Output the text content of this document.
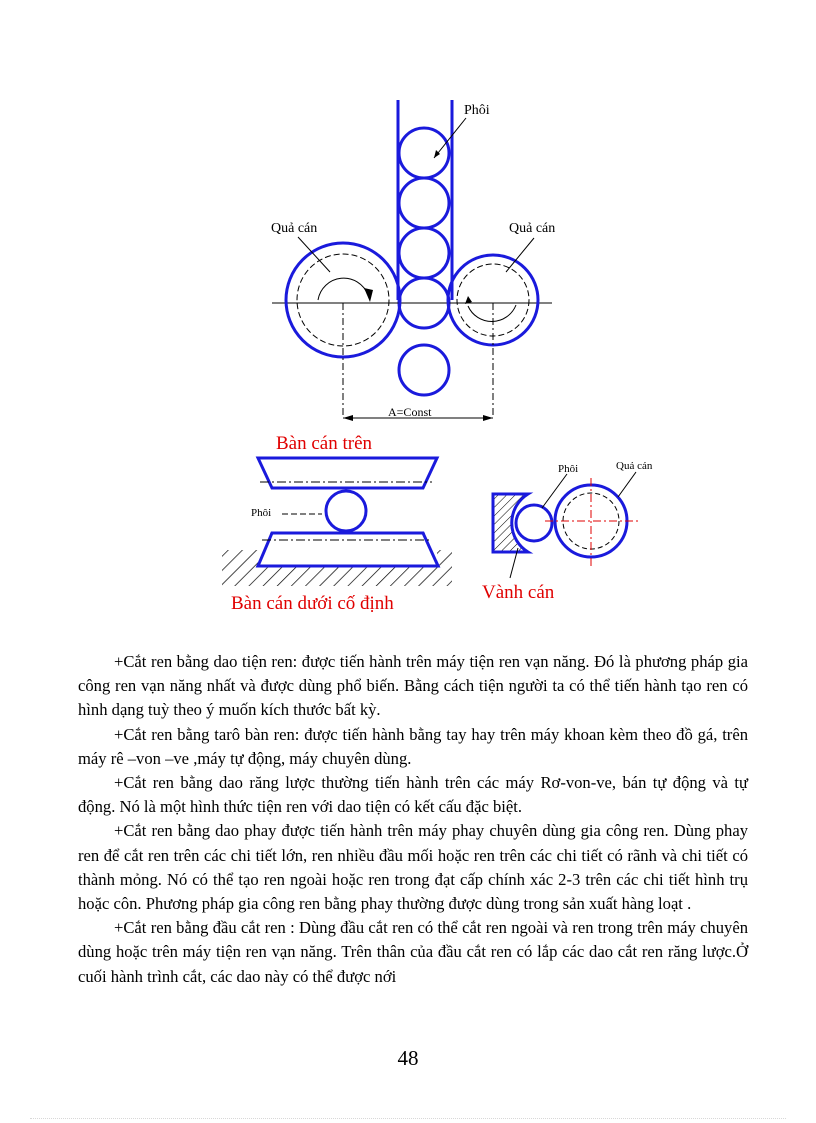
A=Const
Phôi
Quả cán	Quả cán
Bàn cán trên
Phôi
Bàn cán dưới cố định
Phôi	Quả cán
Vành cán

+Cắt ren bằng dao tiện ren: được tiến hành trên máy tiện ren vạn năng. Đó là phương pháp gia công ren vạn năng nhất và được dùng phổ biến. Bằng cách tiện người ta có thể tiến hành tạo ren có hình dạng tuỳ theo ý muốn kích thước bất kỳ.

+Cắt ren bằng tarô bàn ren: được tiến hành bằng tay hay trên máy khoan kèm theo đồ gá, trên máy rê –von –ve ,máy tự động, máy chuyên dùng.

+Cắt ren bằng dao răng lược thường tiến hành trên các máy Rơ-von-ve, bán tự động và tự động. Nó là một hình thức tiện ren với dao tiện có kết cấu đặc biệt.

+Cắt ren bằng dao phay được tiến hành trên máy phay chuyên dùng gia công ren. Dùng phay ren để cắt ren trên các chi tiết lớn, ren nhiều đầu mối hoặc ren trên các chi tiết có rãnh và chi tiết có thành mỏng. Nó có thể tạo ren ngoài hoặc ren trong đạt cấp chính xác 2-3 trên các chi tiết hình trụ hoặc côn. Phương pháp gia công ren bằng phay thường được dùng trong sản xuất hàng loạt .

+Cắt ren bằng đầu cắt ren : Dùng đầu cắt ren có thể cắt ren ngoài và ren trong trên máy chuyên dùng hoặc trên máy tiện ren vạn năng. Trên thân của đầu cắt ren có lắp các dao cắt ren răng lược.Ở cuối hành trình cắt, các dao này có thể được nới

48
